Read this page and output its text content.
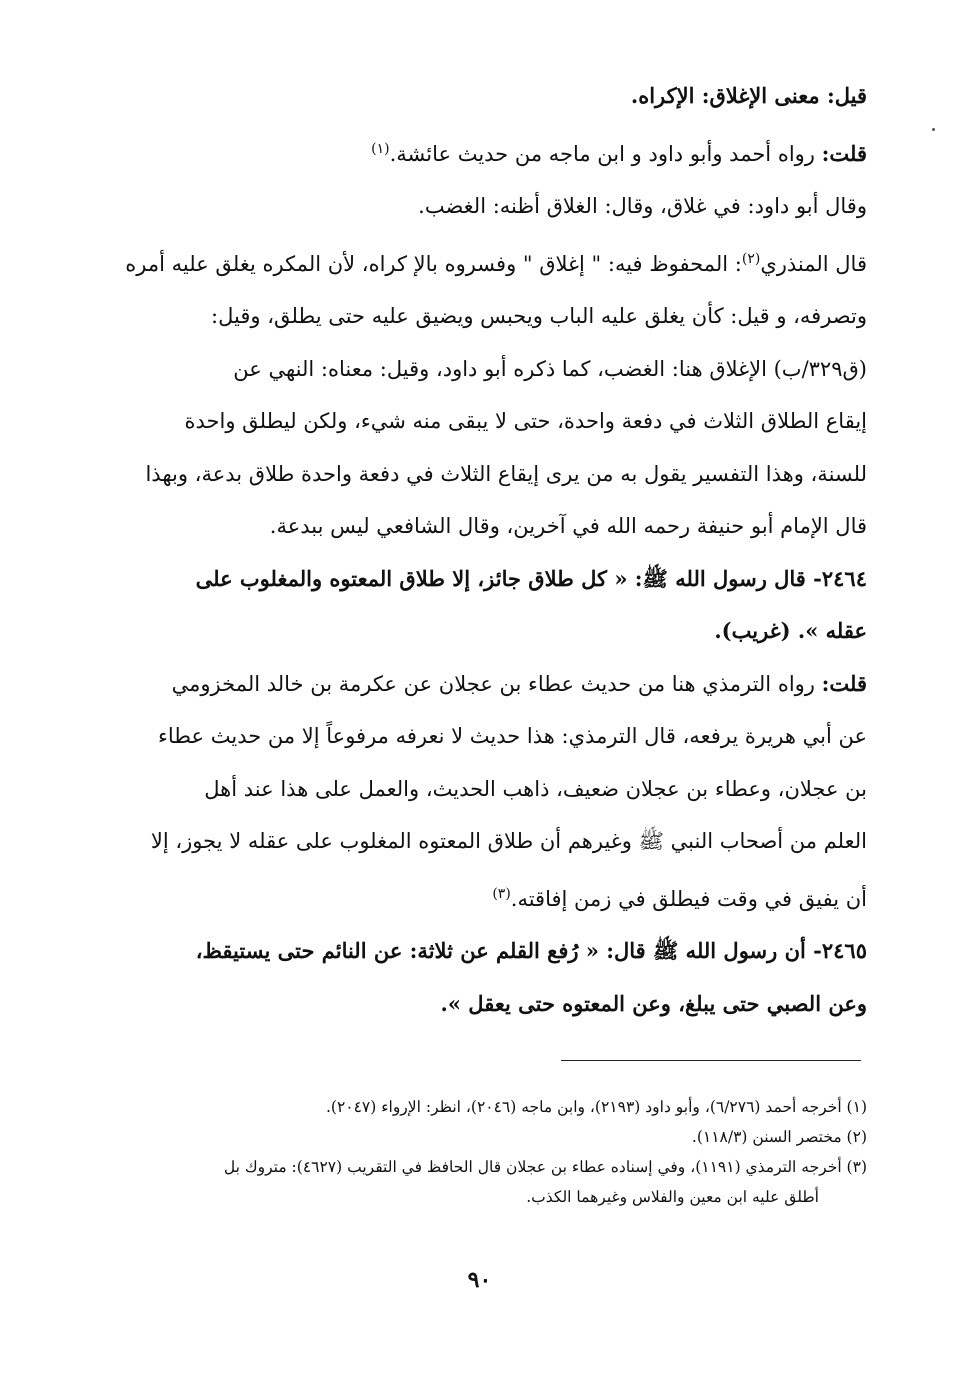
قيل: معنى الإغلاق: الإكراه.
قلت: رواه أحمد وأبو داود و ابن ماجه من حديث عائشة.$^{(١)}$
وقال أبو داود: في غلاق، وقال: الغلاق أظنه: الغضب.
قال المنذري$^{(٢)}$: المحفوظ فيه: " إغلاق " وفسروه بالإ كراه، لأن المكره يغلق عليه أمره
وتصرفه، و قيل: كأن يغلق عليه الباب ويحبس ويضيق عليه حتى يطلق، وقيل:
(ق٣٢٩/ب) الإغلاق هنا: الغضب، كما ذكره أبو داود، وقيل: معناه: النهي عن
إيقاع الطلاق الثلاث في دفعة واحدة، حتى لا يبقى منه شيء، ولكن ليطلق واحدة
للسنة، وهذا التفسير يقول به من يرى إيقاع الثلاث في دفعة واحدة طلاق بدعة، وبهذا
قال الإمام أبو حنيفة رحمه الله في آخرين، وقال الشافعي ليس ببدعة.
٢٤٦٤- قال رسول الله ﷺ: « كل طلاق جائز، إلا طلاق المعتوه والمغلوب على
عقله ». (غريب).
قلت: رواه الترمذي هنا من حديث عطاء بن عجلان عن عكرمة بن خالد المخزومي
عن أبي هريرة يرفعه، قال الترمذي: هذا حديث لا نعرفه مرفوعاً إلا من حديث عطاء
بن عجلان، وعطاء بن عجلان ضعيف، ذاهب الحديث، والعمل على هذا عند أهل
العلم من أصحاب النبي ﷺ وغيرهم أن طلاق المعتوه المغلوب على عقله لا يجوز، إلا
أن يفيق في وقت فيطلق في زمن إفاقته.$^{(٣)}$
٢٤٦٥- أن رسول الله ﷺ قال: « رُفع القلم عن ثلاثة: عن النائم حتى يستيقظ،
وعن الصبي حتى يبلغ، وعن المعتوه حتى يعقل ».
(١) أخرجه أحمد (٦/٢٧٦)، وأبو داود (٢١٩٣)، وابن ماجه (٢٠٤٦)، انظر: الإرواء (٢٠٤٧).
(٢) مختصر السنن (١١٨/٣).
(٣) أخرجه الترمذي (١١٩١)، وفي إسناده عطاء بن عجلان قال الحافظ في التقريب (٤٦٢٧): متروك بل
أطلق عليه ابن معين والفلاس وغيرهما الكذب.
٩٠
